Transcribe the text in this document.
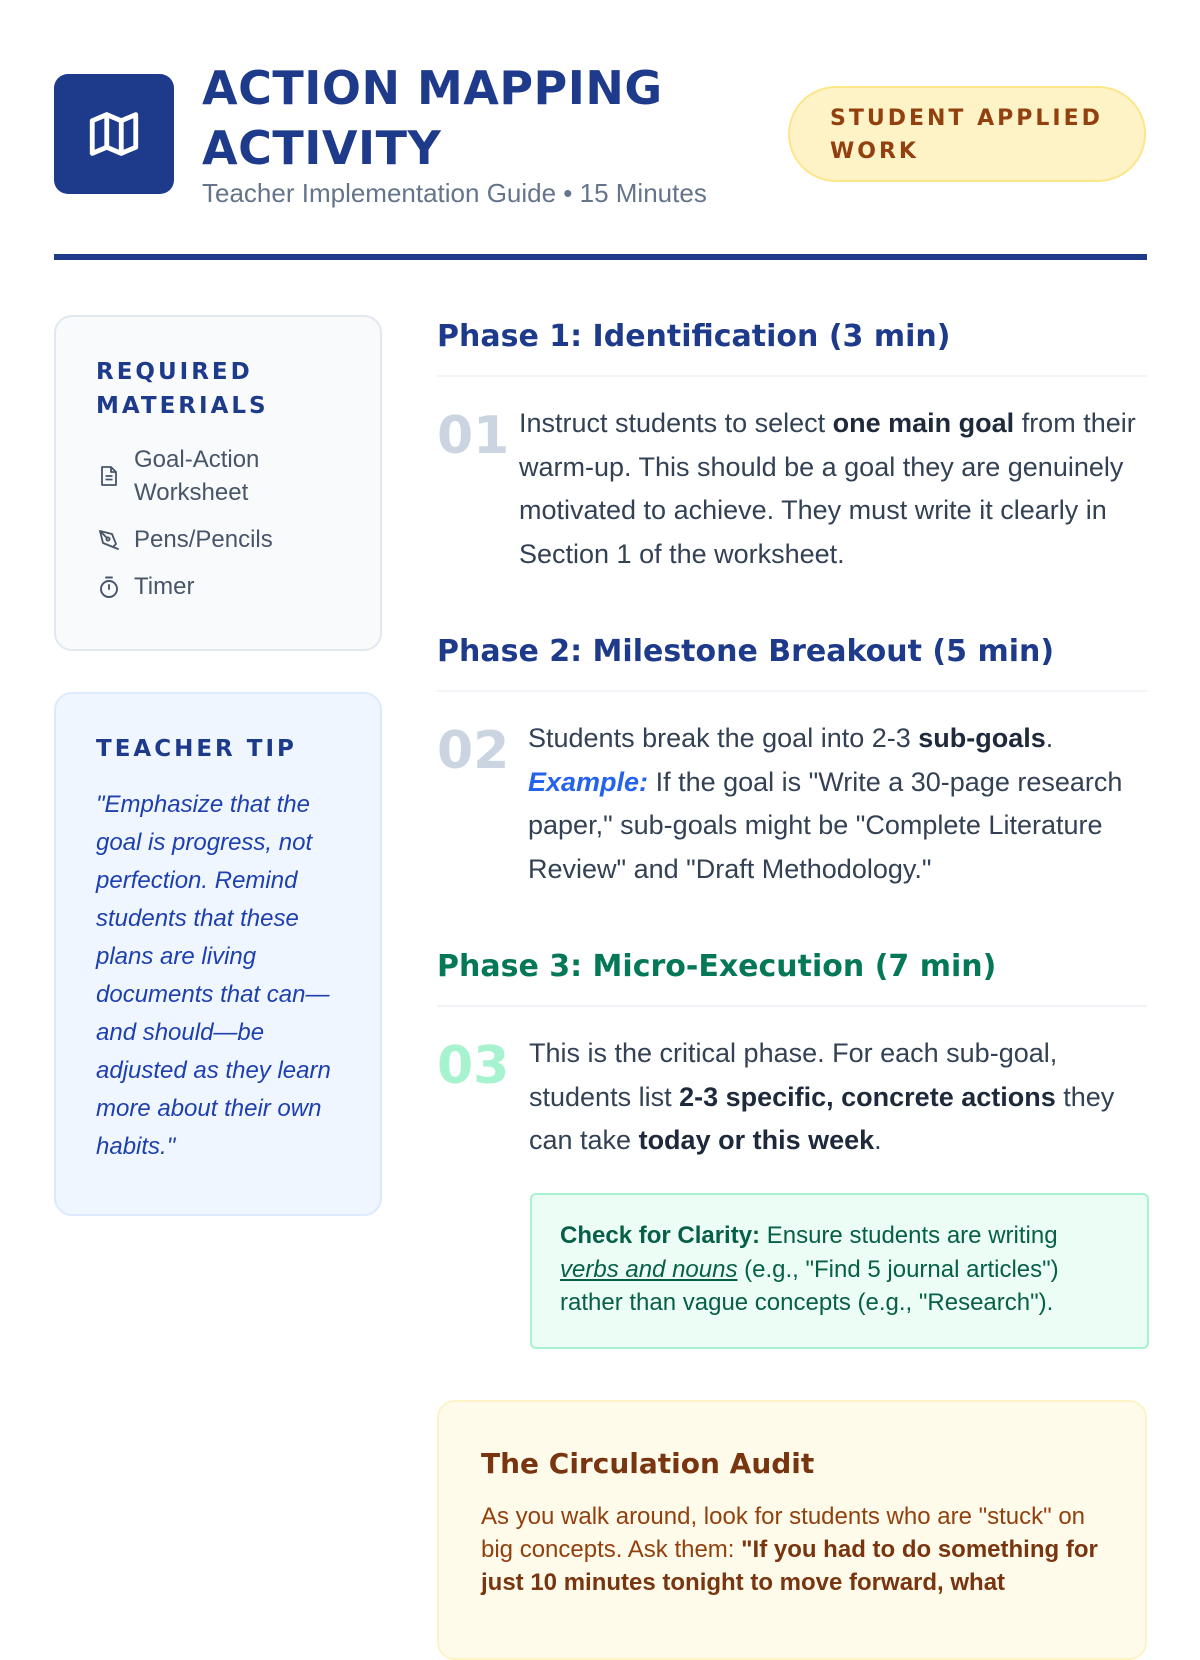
ACTION MAPPING ACTIVITY
Teacher Implementation Guide • 15 Minutes
STUDENT APPLIED WORK
REQUIRED MATERIALS
Goal-Action Worksheet
Pens/Pencils
Timer
TEACHER TIP

"Emphasize that the goal is progress, not perfection. Remind students that these plans are living documents that can—and should—be adjusted as they learn more about their own habits."

Phase 1: Identification (3 min)
01 Instruct students to select one main goal from their warm-up. This should be a goal they are genuinely motivated to achieve. They must write it clearly in Section 1 of the worksheet.

Phase 2: Milestone Breakout (5 min)
02 Students break the goal into 2-3 sub-goals. Example: If the goal is "Write a 30-page research paper," sub-goals might be "Complete Literature Review" and "Draft Methodology."

Phase 3: Micro-Execution (7 min)
03 This is the critical phase. For each sub-goal, students list 2-3 specific, concrete actions they can take today or this week.

Check for Clarity: Ensure students are writing verbs and nouns (e.g., "Find 5 journal articles") rather than vague concepts (e.g., "Research").
The Circulation Audit

As you walk around, look for students who are "stuck" on big concepts. Ask them: "If you had to do something for just 10 minutes tonight to move forward, what
